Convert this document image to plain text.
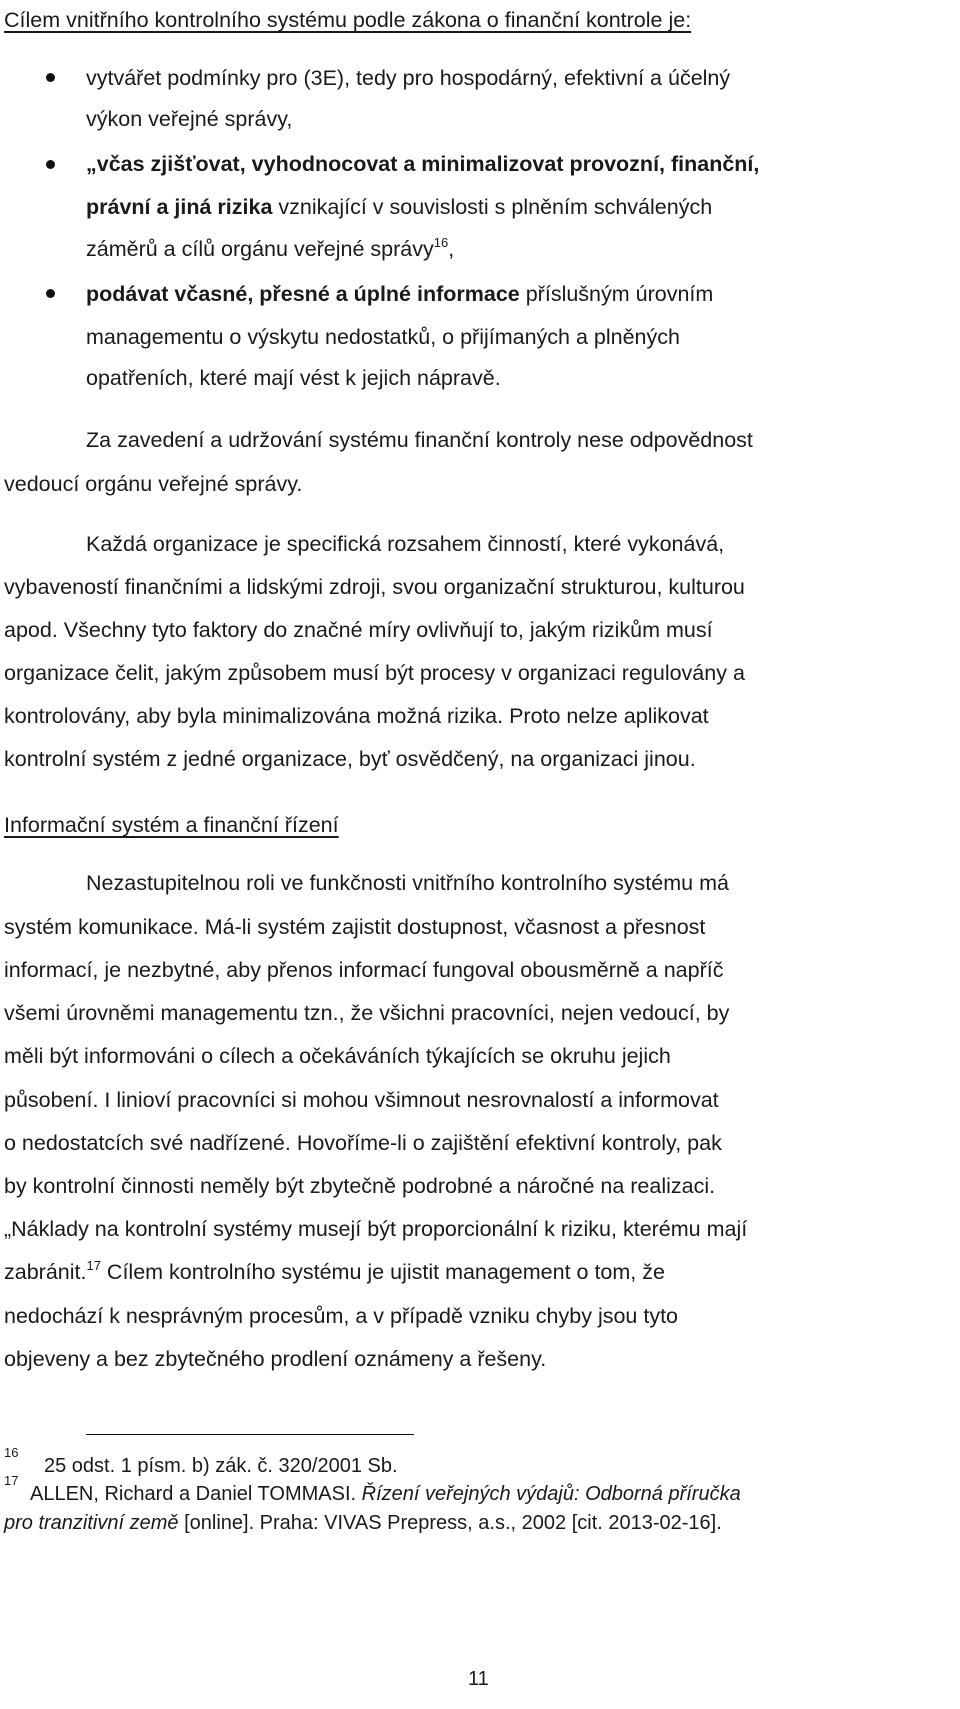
Cílem vnitřního kontrolního systému podle zákona o finanční kontrole je:
vytvářet podmínky pro (3E), tedy pro hospodárný, efektivní a účelný
výkon veřejné správy,
„včas zjišťovat, vyhodnocovat a minimalizovat provozní, finanční,
právní a jiná rizika vznikající v souvislosti s plněním schválených
záměrů a cílů orgánu veřejné správy$^{16}$,
podávat včasné, přesné a úplné informace příslušným úrovním
managementu o výskytu nedostatků, o přijímaných a plněných
opatřeních, které mají vést k jejich nápravě.
Za zavedení a udržování systému finanční kontroly nese odpovědnost
vedoucí orgánu veřejné správy.
Každá organizace je specifická rozsahem činností, které vykonává,
vybaveností finančními a lidskými zdroji, svou organizační strukturou, kulturou
apod. Všechny tyto faktory do značné míry ovlivňují to, jakým rizikům musí
organizace čelit, jakým způsobem musí být procesy v organizaci regulovány a
kontrolovány, aby byla minimalizována možná rizika. Proto nelze aplikovat
kontrolní systém z jedné organizace, byť osvědčený, na organizaci jinou.
Informační systém a finanční řízení
Nezastupitelnou roli ve funkčnosti vnitřního kontrolního systému má
systém komunikace. Má-li systém zajistit dostupnost, včasnost a přesnost
informací, je nezbytné, aby přenos informací fungoval obousměrně a napříč
všemi úrovněmi managementu tzn., že všichni pracovníci, nejen vedoucí, by
měli být informováni o cílech a očekáváních týkajících se okruhu jejich
působení. I linioví pracovníci si mohou všimnout nesrovnalostí a informovat
o nedostatcích své nadřízené. Hovoříme-li o zajištění efektivní kontroly, pak
by kontrolní činnosti neměly být zbytečně podrobné a náročné na realizaci.
„Náklady na kontrolní systémy musejí být proporcionální k riziku, kterému mají
zabránit.$^{17}$ Cílem kontrolního systému je ujistit management o tom, že
nedochází k nesprávným procesům, a v případě vzniku chyby jsou tyto
objeveny a bez zbytečného prodlení oznámeny a řešeny.
16
25 odst. 1 písm. b) zák. č. 320/2001 Sb.
17
ALLEN, Richard a Daniel TOMMASI. Řízení veřejných výdajů: Odborná příručka
pro tranzitivní země [online]. Praha: VIVAS Prepress, a.s., 2002 [cit. 2013-02-16].
11
